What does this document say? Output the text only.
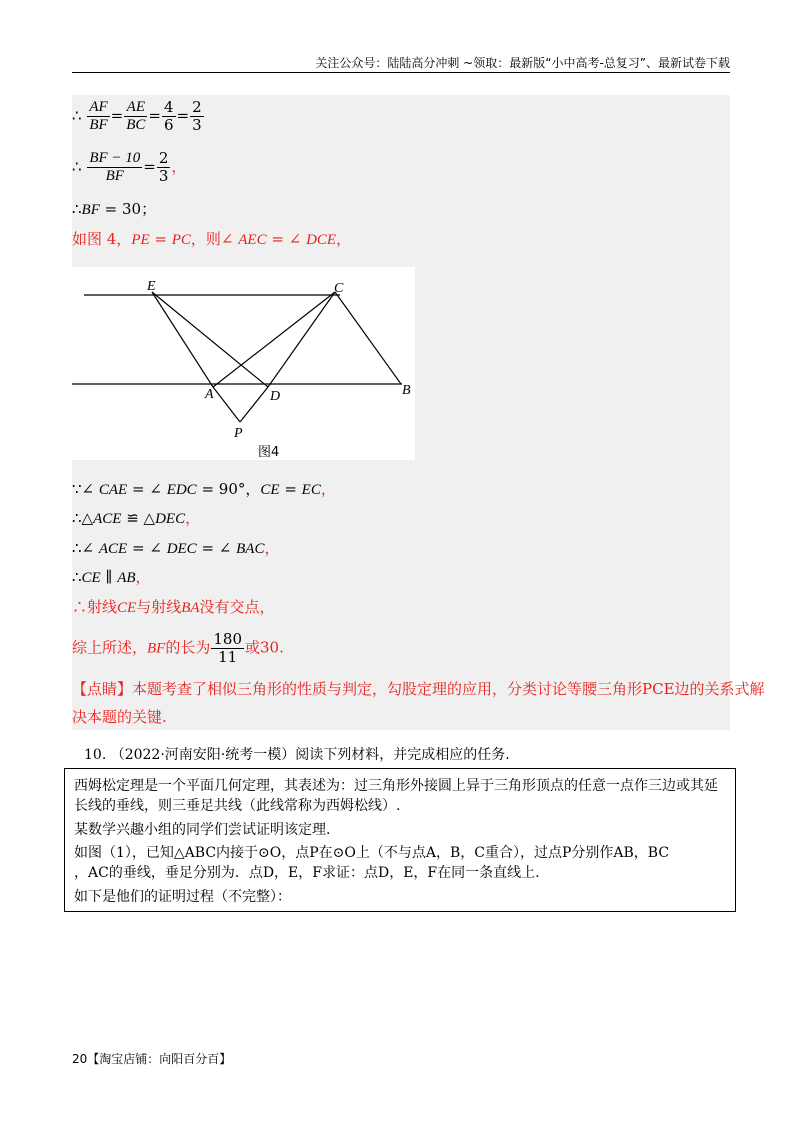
关注公众号：陆陆高分冲刺 ~领取：最新版“小中高考-总复习”、最新试卷下载
∴ $\frac{AF}{BF} = \frac{AE}{BC} = \frac{4}{6} = \frac{2}{3}$
∴ $\frac{BF - 10}{BF} = \frac{2}{3}$ ，
∴BF = 30；
如图 4，PE = PC，则∠ AEC = ∠ DCE，
E	C
A	D	B
P
图4
∵∠ CAE = ∠ EDC = 90°，CE = EC，
∴△ACE ≌ △DEC，
∴∠ ACE = ∠ DEC = ∠ BAC，
∴CE ∥ AB，
∴射线CE与射线BA没有交点，
综上所述，BF的长为 $\frac{180}{11}$ 或30.
【点睛】本题考查了相似三角形的性质与判定，勾股定理的应用，分类讨论等腰三角形PCE边的关系式解
决本题的关键.
10. （2022·河南安阳·统考一模）阅读下列材料，并完成相应的任务.

西姆松定理是一个平面几何定理，其表述为：过三角形外接圆上异于三角形顶点的任意一点作三边或其延

长线的垂线，则三垂足共线（此线常称为西姆松线）.

某数学兴趣小组的同学们尝试证明该定理.

如图（1），已知△ABC内接于⊙O，点P在⊙O上（不与点A，B，C重合），过点P分别作AB，BC

，AC的垂线，垂足分别为．点D，E，F求证：点D，E，F在同一条直线上.

如下是他们的证明过程（不完整）：

20【淘宝店铺：向阳百分百】
